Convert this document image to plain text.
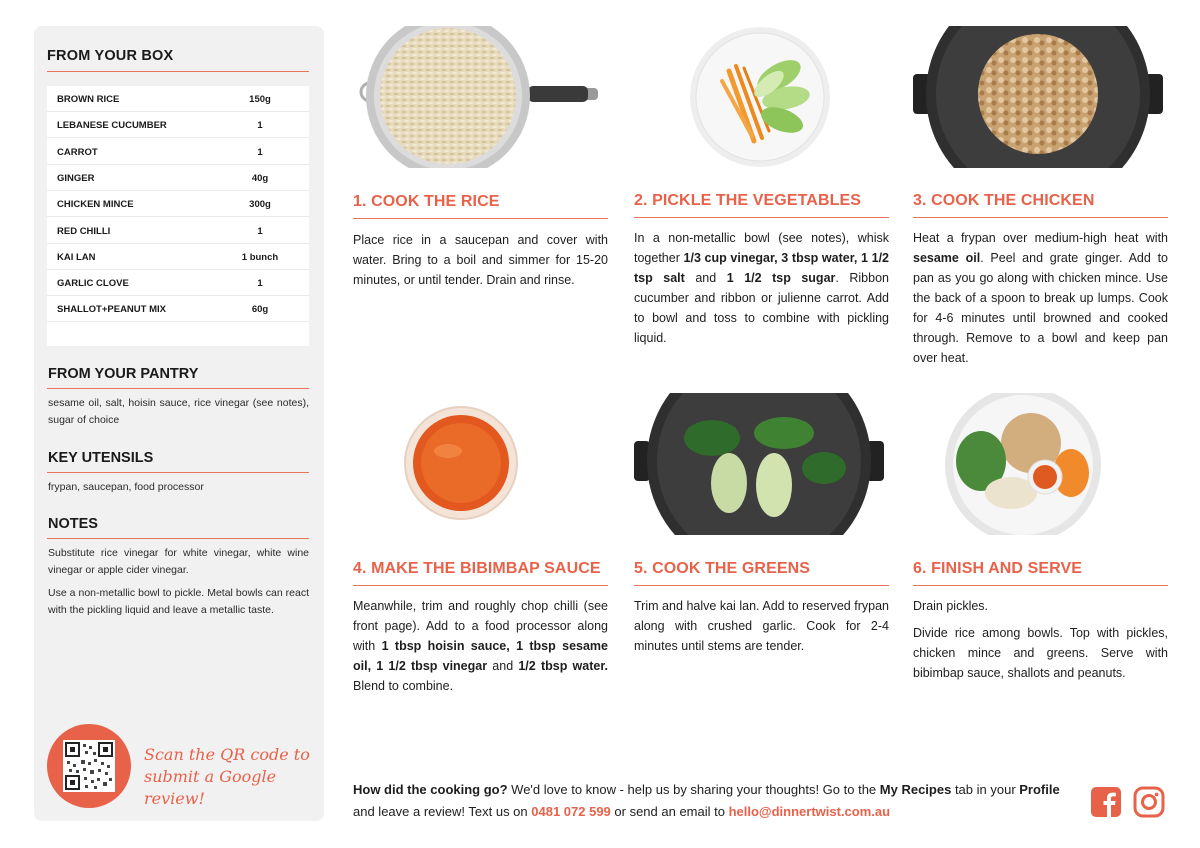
FROM YOUR BOX
BROWN RICE	150g
LEBANESE CUCUMBER	1
CARROT	1
GINGER	40g
CHICKEN MINCE	300g
RED CHILLI	1
KAI LAN	1 bunch
GARLIC CLOVE	1
SHALLOT+PEANUT MIX	60g
FROM YOUR PANTRY
sesame oil, salt, hoisin sauce, rice vinegar (see notes), sugar of choice
KEY UTENSILS
frypan, saucepan, food processor
NOTES
Substitute rice vinegar for white vinegar, white wine vinegar or apple cider vinegar.
Use a non-metallic bowl to pickle. Metal bowls can react with the pickling liquid and leave a metallic taste.
Scan the QR code to submit a Google review!
1. COOK THE RICE
Place rice in a saucepan and cover with water. Bring to a boil and simmer for 15-20 minutes, or until tender. Drain and rinse.
2. PICKLE THE VEGETABLES
In a non-metallic bowl (see notes), whisk together 1/3 cup vinegar, 3 tbsp water, 1 1/2 tsp salt and 1 1/2 tsp sugar. Ribbon cucumber and ribbon or julienne carrot. Add to bowl and toss to combine with pickling liquid.
3. COOK THE CHICKEN
Heat a frypan over medium-high heat with sesame oil. Peel and grate ginger. Add to pan as you go along with chicken mince. Use the back of a spoon to break up lumps. Cook for 4-6 minutes until browned and cooked through. Remove to a bowl and keep pan over heat.
4. MAKE THE BIBIMBAP SAUCE
Meanwhile, trim and roughly chop chilli (see front page). Add to a food processor along with 1 tbsp hoisin sauce, 1 tbsp sesame oil, 1 1/2 tbsp vinegar and 1/2 tbsp water. Blend to combine.
5. COOK THE GREENS
Trim and halve kai lan. Add to reserved frypan along with crushed garlic. Cook for 2-4 minutes until stems are tender.
6. FINISH AND SERVE
Drain pickles.
Divide rice among bowls. Top with pickles, chicken mince and greens. Serve with bibimbap sauce, shallots and peanuts.
How did the cooking go? We'd love to know - help us by sharing your thoughts! Go to the My Recipes tab in your Profile and leave a review! Text us on 0481 072 599 or send an email to hello@dinnertwist.com.au
